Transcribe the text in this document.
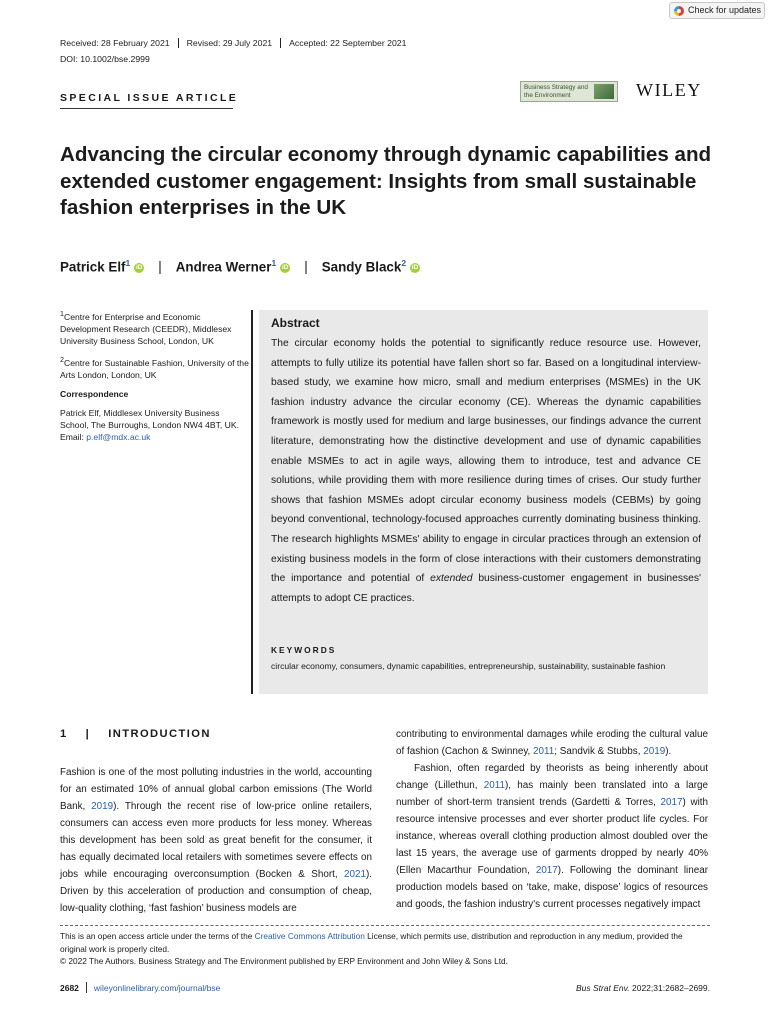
Check for updates
Received: 28 February 2021	Revised: 29 July 2021	Accepted: 22 September 2021
DOI: 10.1002/bse.2999
SPECIAL ISSUE ARTICLE
Business Strategy and the Environment	WILEY
Advancing the circular economy through dynamic capabilities and extended customer engagement: Insights from small sustainable fashion enterprises in the UK
Patrick Elf$^1$ iD | Andrea Werner$^1$ iD | Sandy Black$^2$ iD

$^1$Centre for Enterprise and Economic Development Research (CEEDR), Middlesex University Business School, London, UK

$^2$Centre for Sustainable Fashion, University of the Arts London, London, UK

Correspondence

Patrick Elf, Middlesex University Business School, The Burroughs, London NW4 4BT, UK.
Email: p.elf@mdx.ac.uk

Abstract
The circular economy holds the potential to significantly reduce resource use. However, attempts to fully utilize its potential have fallen short so far. Based on a longitudinal interview-based study, we examine how micro, small and medium enterprises (MSMEs) in the UK fashion industry advance the circular economy (CE). Whereas the dynamic capabilities framework is mostly used for medium and large businesses, our findings advance the current literature, demonstrating how the distinctive development and use of dynamic capabilities enable MSMEs to act in agile ways, allowing them to introduce, test and advance CE solutions, while providing them with more resilience during times of crises. Our study further shows that fashion MSMEs adopt circular economy business models (CEBMs) by going beyond conventional, technology-focused approaches currently dominating business thinking. The research highlights MSMEs' ability to engage in circular practices through an extension of existing business models in the form of close interactions with their customers demonstrating the importance and potential of extended business-customer engagement in businesses' attempts to adopt CE practices.
KEYWORDS
circular economy, consumers, dynamic capabilities, entrepreneurship, sustainability, sustainable fashion
1 | INTRODUCTION
Fashion is one of the most polluting industries in the world, accounting for an estimated 10% of annual global carbon emissions (The World Bank, 2019). Through the recent rise of low-price online retailers, consumers can access even more products for less money. Whereas this development has been sold as great benefit for the consumer, it has equally decimated local retailers with sometimes severe effects on jobs while encouraging overconsumption (Bocken & Short, 2021). Driven by this acceleration of production and consumption of cheap, low-quality clothing, ‘fast fashion’ business models are

contributing to environmental damages while eroding the cultural value of fashion (Cachon & Swinney, 2011; Sandvik & Stubbs, 2019).

Fashion, often regarded by theorists as being inherently about change (Lillethun, 2011), has mainly been translated into a large number of short-term transient trends (Gardetti & Torres, 2017) with resource intensive processes and ever shorter product life cycles. For instance, whereas overall clothing production almost doubled over the last 15 years, the average use of garments dropped by nearly 40% (Ellen Macarthur Foundation, 2017). Following the dominant linear production models based on ‘take, make, dispose’ logics of resources and goods, the fashion industry's current processes negatively impact

This is an open access article under the terms of the Creative Commons Attribution License, which permits use, distribution and reproduction in any medium, provided the original work is properly cited.
© 2022 The Authors. Business Strategy and The Environment published by ERP Environment and John Wiley & Sons Ltd.
2682 wileyonlinelibrary.com/journal/bse	Bus Strat Env. 2022;31:2682–2699.
